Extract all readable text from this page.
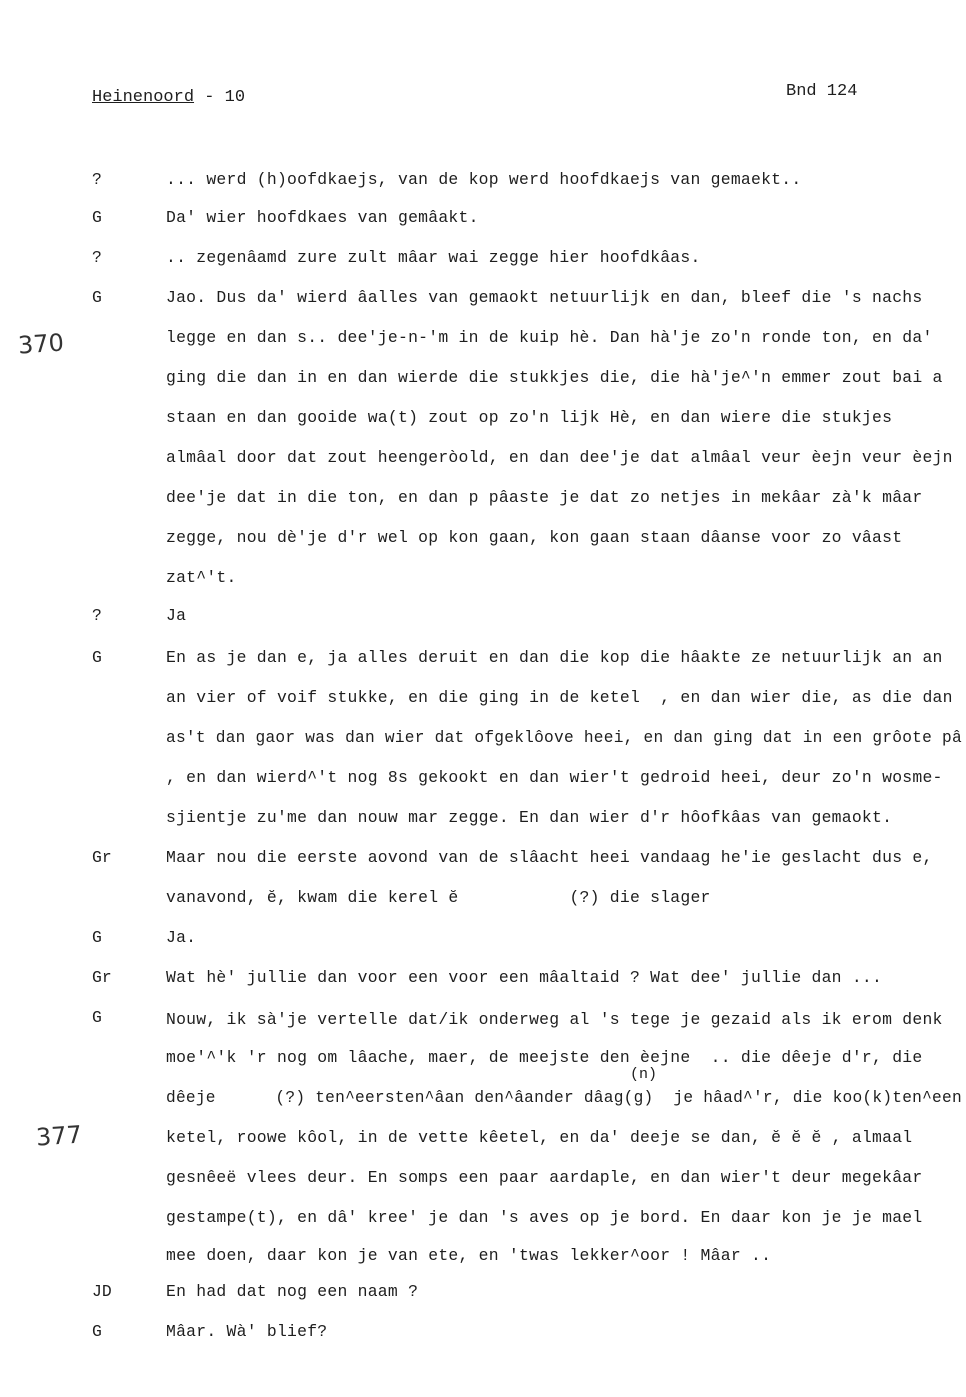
Heinenoord - 10	Bnd 124
370
377
?
G
?
G
?
G
Gr
G
Gr
G
JD
G
... werd (h)oofdkaejs, van de kop werd hoofdkaejs van gemaekt..
Da' wier hoofdkaes van gemâakt.
.. zegenâamd zure zult mâar wai zegge hier hoofdkâas.
Jao. Dus da' wierd âalles van gemaokt netuurlijk en dan, bleef die 's nachs
legge en dan s.. dee'je-n-'m in de kuip hè. Dan hà'je zo'n ronde ton, en da'
ging die dan in en dan wierde die stukkjes die, die hà'je^'n emmer zout bai a
staan en dan gooide wa(t) zout op zo'n lijk Hè, en dan wiere die stukjes
almâal door dat zout heengeròold, en dan dee'je dat almâal veur èejn veur èejn
dee'je dat in die ton, en dan p pâaste je dat zo netjes in mekâar zà'k mâar
zegge, nou dè'je d'r wel op kon gaan, kon gaan staan dâanse voor zo vâast
zat^'t.
Ja
En as je dan e, ja alles deruit en dan die kop die hâakte ze netuurlijk an an
an vier of voif stukke, en die ging in de ketel  , en dan wier die, as die dan
as't dan gaor was dan wier dat ofgeklôove heei, en dan ging dat in een grôote pâ
, en dan wierd^'t nog 8s gekookt en dan wier't gedroid heei, deur zo'n wosme-
sjientje zu'me dan nouw mar zegge. En dan wier d'r hôofkâas van gemaokt.
Maar nou die eerste aovond van de slâacht heei vandaag he'ie geslacht dus e,
vanavond, ĕ, kwam die kerel ĕ           (?) die slager
Ja.
Wat hè' jullie dan voor een voor een mâaltaid ? Wat dee' jullie dan ...
Nouw, ik sà'je vertelle dat/ik onderweg al 's tege je gezaid als ik erom denk
moe'^'k 'r nog om lâache, maer, de meejste den èejne  .. die dêeje d'r, die
(n)
dêeje      (?) ten^eersten^âan den^âander dâag(g)  je hâad^'r, die koo(k)ten^een
ketel, roowe kôol, in de vette kêetel, en da' deeje se dan, ĕ ĕ ĕ , almaal
gesnêeë vlees deur. En somps een paar aardaple, en dan wier't deur megekâar
gestampe(t), en dâ' kree' je dan 's aves op je bord. En daar kon je je mael
mee doen, daar kon je van ete, en 'twas lekker^oor ! Mâar ..
En had dat nog een naam ?
Mâar. Wà' blief?
